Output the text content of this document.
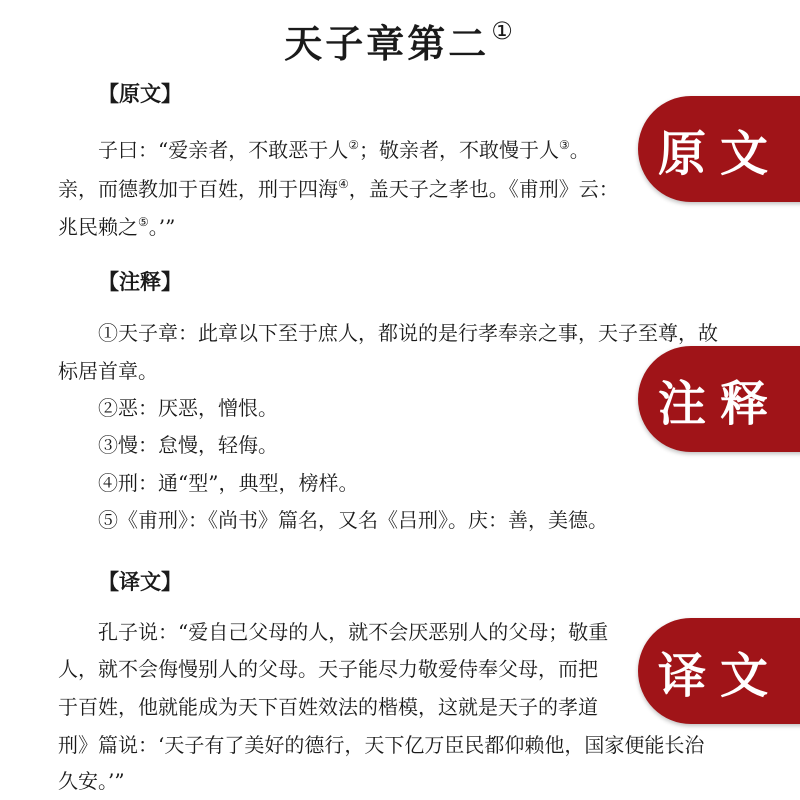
天子章第二①
【原文】
子曰：“爱亲者，不敢恶于人②；敬亲者，不敢慢于人③。
亲，而德教加于百姓，刑于四海④，盖天子之孝也。《甫刑》云：
兆民赖之⑤。’”
【注释】
①天子章：此章以下至于庶人，都说的是行孝奉亲之事，天子至尊，故
标居首章。
②恶：厌恶，憎恨。
③慢：怠慢，轻侮。
④刑：通“型”，典型，榜样。
⑤《甫刑》：《尚书》篇名，又名《吕刑》。庆：善，美德。
【译文】
孔子说：“爱自己父母的人，就不会厌恶别人的父母；敬重
人，就不会侮慢别人的父母。天子能尽力敬爱侍奉父母，而把
于百姓，他就能成为天下百姓效法的楷模，这就是天子的孝道
刑》篇说：‘天子有了美好的德行，天下亿万臣民都仰赖他，国家便能长治
久安。’”
原文
注释
译文
